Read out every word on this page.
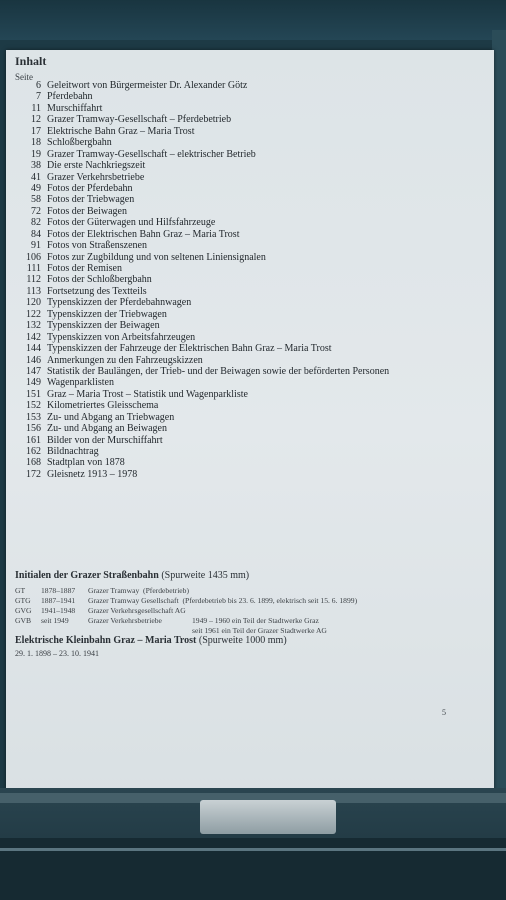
Inhalt
Seite
6 Geleitwort von Bürgermeister Dr. Alexander Götz
7 Pferdebahn
11 Murschiffahrt
12 Grazer Tramway-Gesellschaft – Pferdebetrieb
17 Elektrische Bahn Graz – Maria Trost
18 Schloßbergbahn
19 Grazer Tramway-Gesellschaft – elektrischer Betrieb
38 Die erste Nachkriegszeit
41 Grazer Verkehrsbetriebe
49 Fotos der Pferdebahn
58 Fotos der Triebwagen
72 Fotos der Beiwagen
82 Fotos der Güterwagen und Hilfsfahrzeuge
84 Fotos der Elektrischen Bahn Graz – Maria Trost
91 Fotos von Straßenszenen
106 Fotos zur Zugbildung und von seltenen Liniensignalen
111 Fotos der Remisen
112 Fotos der Schloßbergbahn
113 Fortsetzung des Textteils
120 Typenskizzen der Pferdebahnwagen
122 Typenskizzen der Triebwagen
132 Typenskizzen der Beiwagen
142 Typenskizzen von Arbeitsfahrzeugen
144 Typenskizzen der Fahrzeuge der Elektrischen Bahn Graz – Maria Trost
146 Anmerkungen zu den Fahrzeugskizzen
147 Statistik der Baulängen, der Trieb- und der Beiwagen sowie der beförderten Personen
149 Wagenparklisten
151 Graz – Maria Trost – Statistik und Wagenparkliste
152 Kilometriertes Gleisschema
153 Zu- und Abgang an Triebwagen
156 Zu- und Abgang an Beiwagen
161 Bilder von der Murschiffahrt
162 Bildnachtrag
168 Stadtplan von 1878
172 Gleisnetz 1913 – 1978
Initialen der Grazer Straßenbahn (Spurweite 1435 mm)
GT 1878–1887 Grazer Tramway (Pferdebetrieb)
GTG 1887–1941 Grazer Tramway Gesellschaft (Pferdebetrieb bis 23. 6. 1899, elektrisch seit 15. 6. 1899)
GVG 1941–1948 Grazer Verkehrsgesellschaft AG
GVB seit 1949	Grazer Verkehrsbetriebe	1949 – 1960 ein Teil der Stadtwerke Graz
seit 1961 ein Teil der Grazer Stadtwerke AG
Elektrische Kleinbahn Graz – Maria Trost (Spurweite 1000 mm)
29. 1. 1898 – 23. 10. 1941
5
